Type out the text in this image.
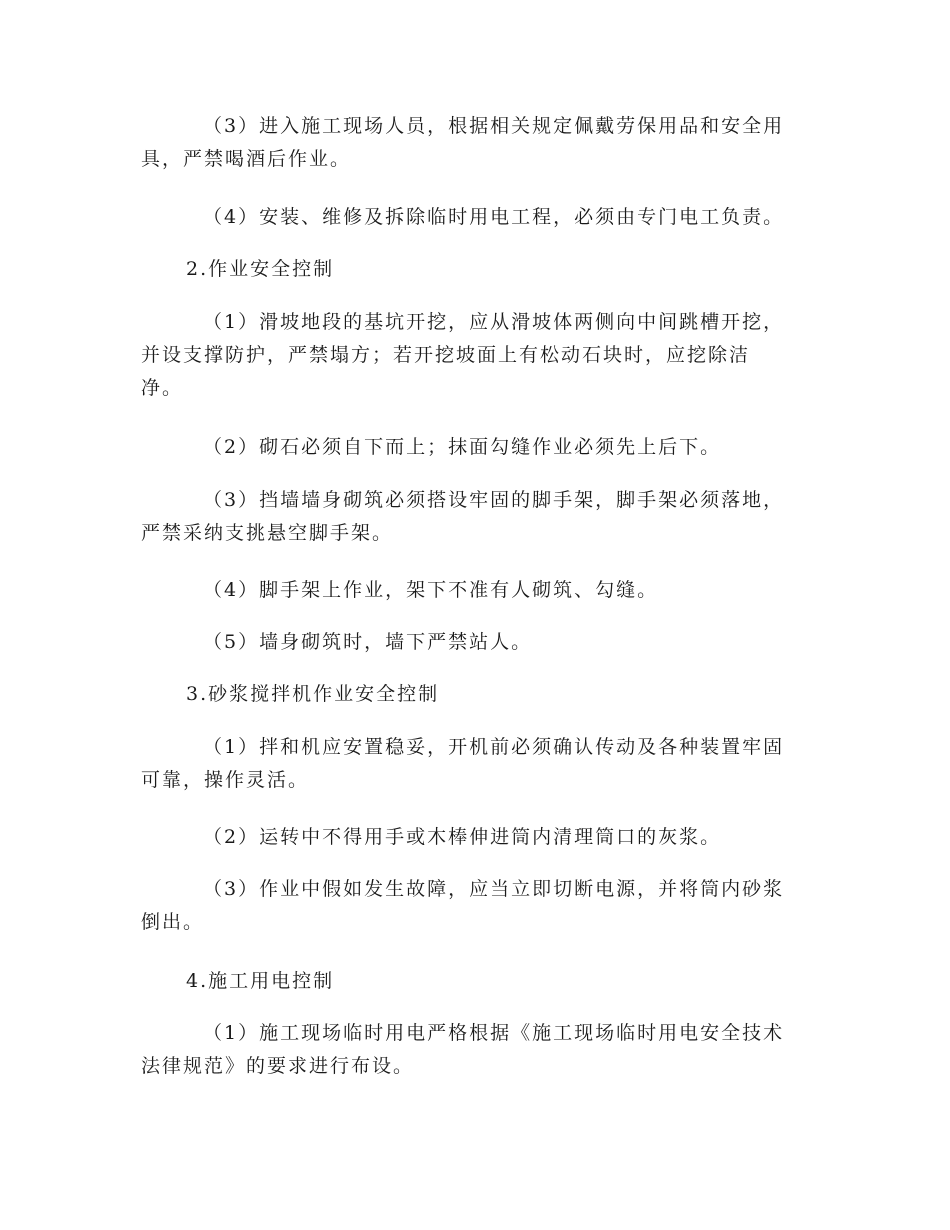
（3）进入施工现场人员，根据相关规定佩戴劳保用品和安全用
具，严禁喝酒后作业。

（4）安装、维修及拆除临时用电工程，必须由专门电工负责。

2.作业安全控制

（1）滑坡地段的基坑开挖，应从滑坡体两侧向中间跳槽开挖，
并设支撑防护，严禁塌方；若开挖坡面上有松动石块时，应挖除洁
净。

（2）砌石必须自下而上；抹面勾缝作业必须先上后下。

（3）挡墙墙身砌筑必须搭设牢固的脚手架，脚手架必须落地，
严禁采纳支挑悬空脚手架。

（4）脚手架上作业，架下不准有人砌筑、勾缝。

（5）墙身砌筑时，墙下严禁站人。

3.砂浆搅拌机作业安全控制

（1）拌和机应安置稳妥，开机前必须确认传动及各种装置牢固
可靠，操作灵活。

（2）运转中不得用手或木棒伸进筒内清理筒口的灰浆。

（3）作业中假如发生故障，应当立即切断电源，并将筒内砂浆
倒出。

4.施工用电控制

（1）施工现场临时用电严格根据《施工现场临时用电安全技术
法律规范》的要求进行布设。
